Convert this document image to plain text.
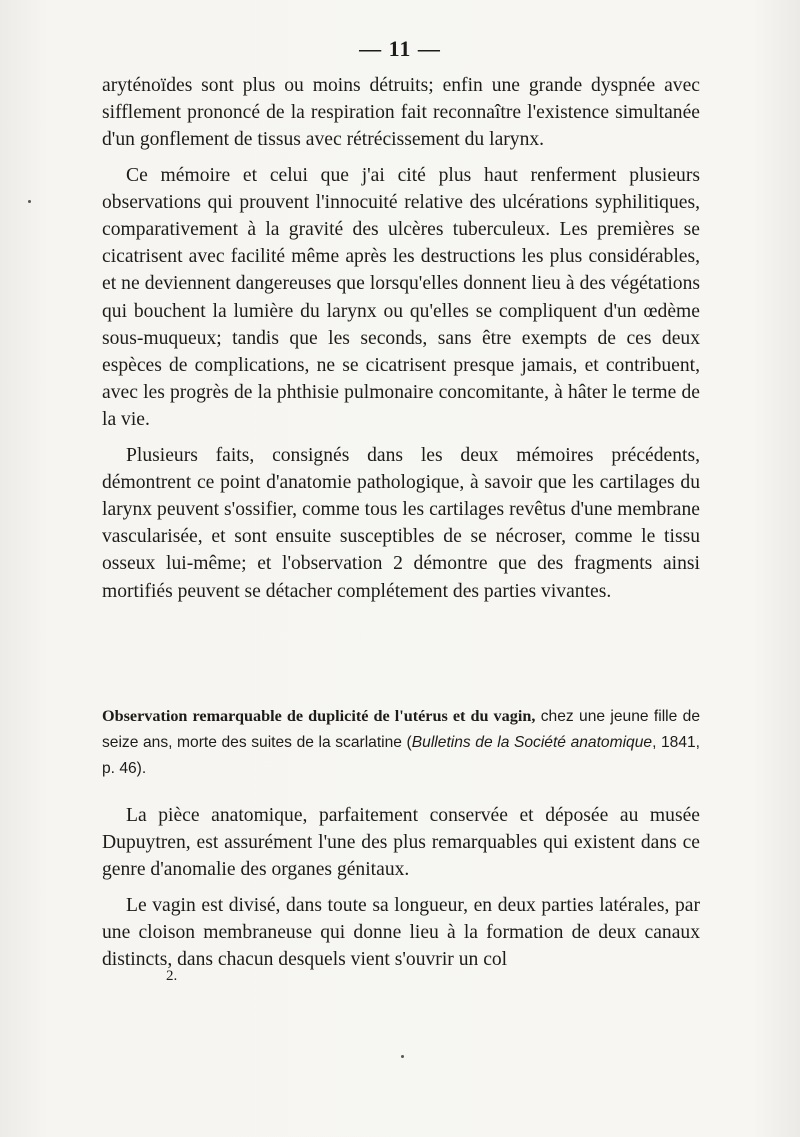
— 11 —

aryténoïdes sont plus ou moins détruits; enfin une grande dyspnée avec sifflement prononcé de la respiration fait reconnaître l'existence simultanée d'un gonflement de tissus avec rétrécissement du larynx.

Ce mémoire et celui que j'ai cité plus haut renferment plusieurs observations qui prouvent l'innocuité relative des ulcérations syphilitiques, comparativement à la gravité des ulcères tuberculeux. Les premières se cicatrisent avec facilité même après les destructions les plus considérables, et ne deviennent dangereuses que lorsqu'elles donnent lieu à des végétations qui bouchent la lumière du larynx ou qu'elles se compliquent d'un œdème sous-muqueux; tandis que les seconds, sans être exempts de ces deux espèces de complications, ne se cicatrisent presque jamais, et contribuent, avec les progrès de la phthisie pulmonaire concomitante, à hâter le terme de la vie.

Plusieurs faits, consignés dans les deux mémoires précédents, démontrent ce point d'anatomie pathologique, à savoir que les cartilages du larynx peuvent s'ossifier, comme tous les cartilages revêtus d'une membrane vascularisée, et sont ensuite susceptibles de se nécroser, comme le tissu osseux lui-même; et l'observation 2 démontre que des fragments ainsi mortifiés peuvent se détacher complétement des parties vivantes.

Observation remarquable de duplicité de l'utérus et du vagin, chez une jeune fille de seize ans, morte des suites de la scarlatine (Bulletins de la Société anatomique, 1841, p. 46).

La pièce anatomique, parfaitement conservée et déposée au musée Dupuytren, est assurément l'une des plus remarquables qui existent dans ce genre d'anomalie des organes génitaux.

Le vagin est divisé, dans toute sa longueur, en deux parties latérales, par une cloison membraneuse qui donne lieu à la formation de deux canaux distincts, dans chacun desquels vient s'ouvrir un col

2.
